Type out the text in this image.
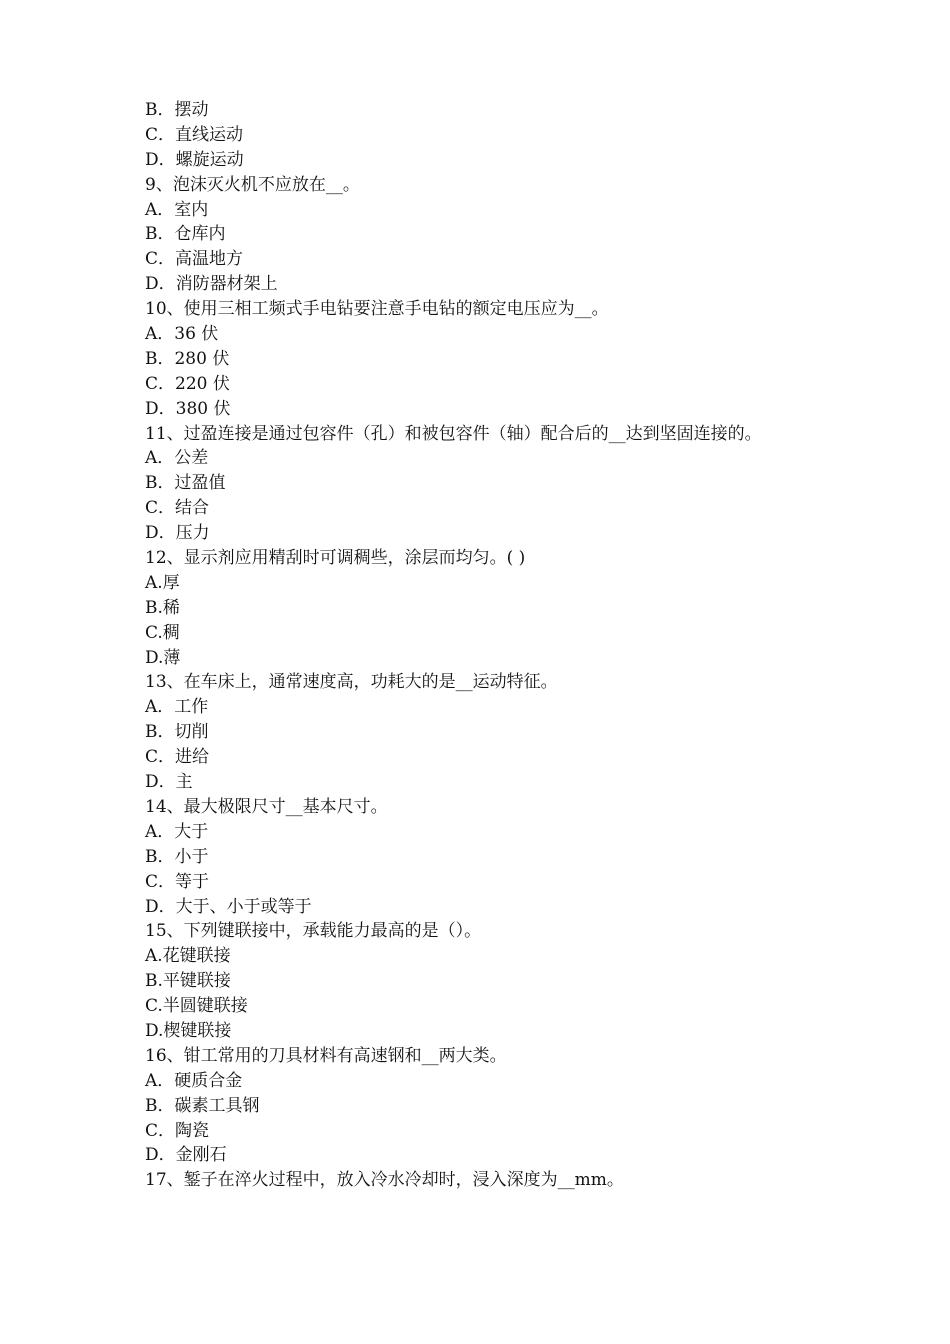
B．摆动
C．直线运动
D．螺旋运动
9、泡沫灭火机不应放在__。
A．室内
B．仓库内
C．高温地方
D．消防器材架上
10、使用三相工频式手电钻要注意手电钻的额定电压应为__。
A．36 伏
B．280 伏
C．220 伏
D．380 伏
11、过盈连接是通过包容件（孔）和被包容件（轴）配合后的__达到坚固连接的。
A．公差
B．过盈值
C．结合
D．压力
12、显示剂应用精刮时可调稠些，涂层而均匀。( )
A.厚
B.稀
C.稠
D.薄
13、在车床上，通常速度高，功耗大的是__运动特征。
A．工作
B．切削
C．进给
D．主
14、最大极限尺寸__基本尺寸。
A．大于
B．小于
C．等于
D．大于、小于或等于
15、下列键联接中，承载能力最高的是（）。
A.花键联接
B.平键联接
C.半圆键联接
D.楔键联接
16、钳工常用的刀具材料有高速钢和__两大类。
A．硬质合金
B．碳素工具钢
C．陶瓷
D．金刚石
17、錾子在淬火过程中，放入冷水冷却时，浸入深度为__mm。
